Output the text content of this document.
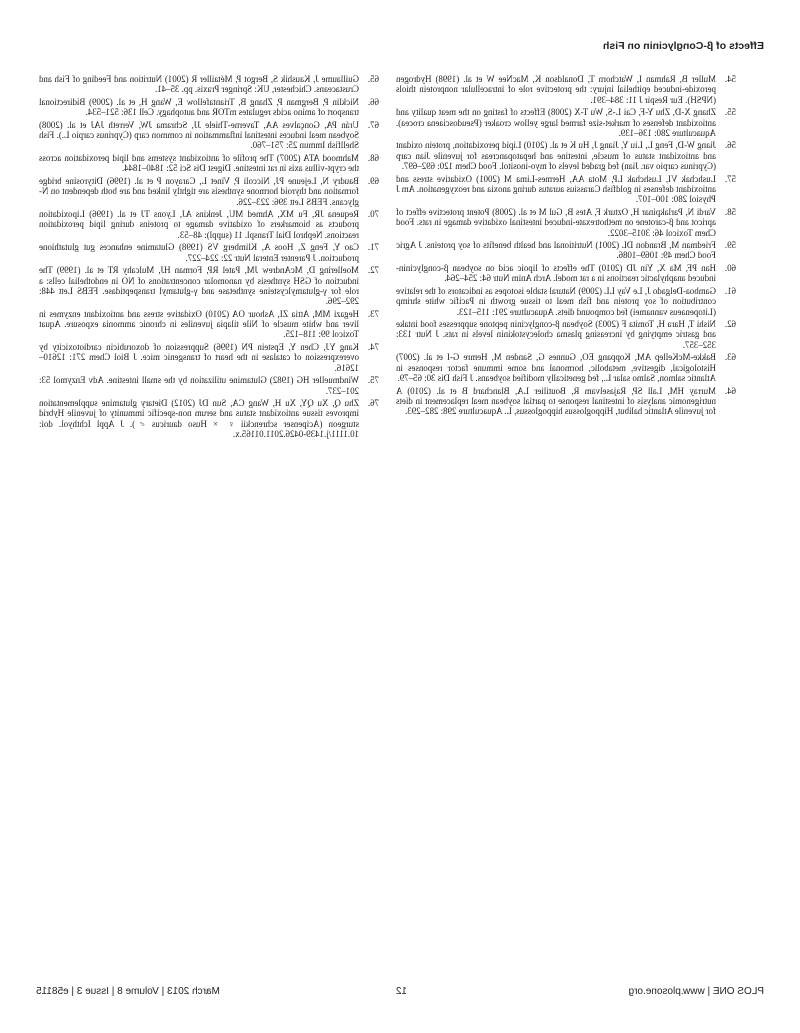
Effects of β-Conglycinin on Fish
54.
Muller B, Rahman I, Watchorn T, Donaldson K, MacNee W et al. (1998) Hydrogen peroxide-induced epithelial injury: the protective role of intracellular nonprotein thiols (NPSH). Eur Respir J 11: 384–391.
55.
Zhang X-D, Zhu Y-F, Cai L-S, Wu T-X (2008) Effects of fasting on the meat quality and antioxidant defenses of market-size farmed large yellow croaker (Pseudosciaena crocea). Aquaculture 280: 136–139.
56.
Jiang W-D, Feng L, Liu Y, Jiang J, Hu K et al. (2010) Lipid peroxidation, protein oxidant and antioxidant status of muscle, intestine and hepatopancreas for juvenile Jian carp (Cyprinus carpio var. Jian) fed graded levels of myo-inositol. Food Chem 120: 692–697.
57.
Lushchak VI, Lushchak LP, Mota AA, Hermes-Lima M (2001) Oxidative stress and antioxidant defenses in goldfish Carassius auratus during anoxia and reoxygenation. Am J Physiol 280: 100–107.
58.
Vardi N, Parlakpinar H, Ozturk F, Ates B, Gul M et al. (2008) Potent protective effect of apricot and β-carotene on methotrexate-induced intestinal oxidative damage in rats. Food Chem Toxicol 46: 3015–3022.
59.
Friedman M, Brandon DL (2001) Nutritional and health benefits of soy proteins. J Agric Food Chem 49: 1069–1086.
60.
Han PF, Ma X, Yin JD (2010) The effects of lipoic acid on soybean β-conglycinin-induced anaphylactic reactions in a rat model. Arch Anim Nutr 64: 254–264.
61.
Gamboa-Delgado J, Le Vay LL (2009) Natural stable isotopes as indicators of the relative contribution of soy protein and fish meal to tissue growth in Pacific white shrimp (Litopenaeus vannamei) fed compound diets. Aquaculture 291: 115–123.
62.
Nishi T, Hara H, Tomita F (2003) Soybean β-conglycinin peptone suppresses food intake and gastric emptying by increasing plasma cholecystokinin levels in rats. J Nutr 133: 352–357.
63.
Bakke-McKellep AM, Koppang EO, Gunnes G, Sanden M, Hemre G-I et al. (2007) Histological, digestive, metabolic, hormonal and some immune factor responses in Atlantic salmon, Salmo salar L., fed genetically modified soybeans. J Fish Dis 30: 65–79.
64.
Murray HM, Lall SP, Rajaselvam R, Boutilier LA, Blanchard B et al. (2010) A nutrigenomic analysis of intestinal response to partial soybean meal replacement in diets for juvenile Atlantic halibut, Hippoglossus hippoglossus, L. Aquaculture 298: 282–293.
65.
Guillaume J, Kaushik S, Bergot P, Métailler R (2001) Nutrition and Feeding of Fish and Crustaceans. Chichester, UK: Springer Praxis. pp. 35–41.
66.
Nicklin P, Bergman P, Zhang B, Triantafellow E, Wang H, et al. (2009) Bidirectional transport of amino acids regulates mTOR and autophagy. Cell 136: 521–534.
67.
Urán PA, Gonçalves AA, Taverne-Thiele JJ, Schrama JW, Verreth JAJ et al. (2008) Soybean meal induces intestinal inflammation in common carp (Cyprinus carpio L.). Fish Shellfish Immun 25: 751–760.
68.
Mahmood ATA (2007) The profile of antioxidant systems and lipid peroxidation across the crypt-villus axis in rat intestine. Digest Dis Sci 52: 1840–1844.
69.
Baudry N, Lejeune PJ, Niccoli P, Vinet L, Carayon P et al. (1996) Dityrosine bridge formation and thyroid hormone synthesis are tightly linked and are both dependent on N-glycans. FEBS Lett 396: 223–226.
70.
Requena JR, Fu MX, Ahmed MU, Jenkins AJ, Lyons TJ et al. (1996) Lipoxidation products as biomarkers of oxidative damage to proteins during lipid peroxidation reactions. Nephrol Dial Transpl. 11 (suppl): 48–53.
71.
Cao Y, Feng Z, Hoos A, Klimberg VS (1998) Glutamine enhances gut glutathione production. J Parenter Enteral Nutr 22: 224–227.
72.
Moellering D, McAndrew JM, Patel RP, Forman HJ, Mulcahy RT et al. (1999) The induction of GSH synthesis by nanomolar concentrations of NO in endothelial cells: a role for γ-glutamylcysteine synthetase and γ-glutamyl transpeptidase. FEBS Lett 448: 292–296.
73.
Hegazi MM, Attia ZI, Ashour OA (2010) Oxidative stress and antioxidant enzymes in liver and white muscle of Nile tilapia juveniles in chronic ammonia exposure. Aquat Toxicol 99: 118–125.
74.
Kang YJ, Chen Y, Epstein PN (1996) Suppression of doxorubicin cardiotoxicity by overexpression of catalase in the heart of transgenic mice. J Biol Chem 271: 12610–12616.
75.
Windmueller HG (1982) Glutamine utilization by the small intestine. Adv Enzymol 53: 201–237.
76.
Zhu Q, Xu QY, Xu H, Wang CA, Sun DJ (2012) Dietary glutamine supplementation improves tissue antioxidant status and serum non-specific immunity of juvenile Hybrid sturgeon (Acipenser schrenckii ♀ × Huso dauricus ♂). J Appl Ichthyol. doi: 10.1111/j.1439-0426.2011.01165.x.
PLOS ONE | www.plosone.org
12
March 2013 | Volume 8 | Issue 3 | e58115
